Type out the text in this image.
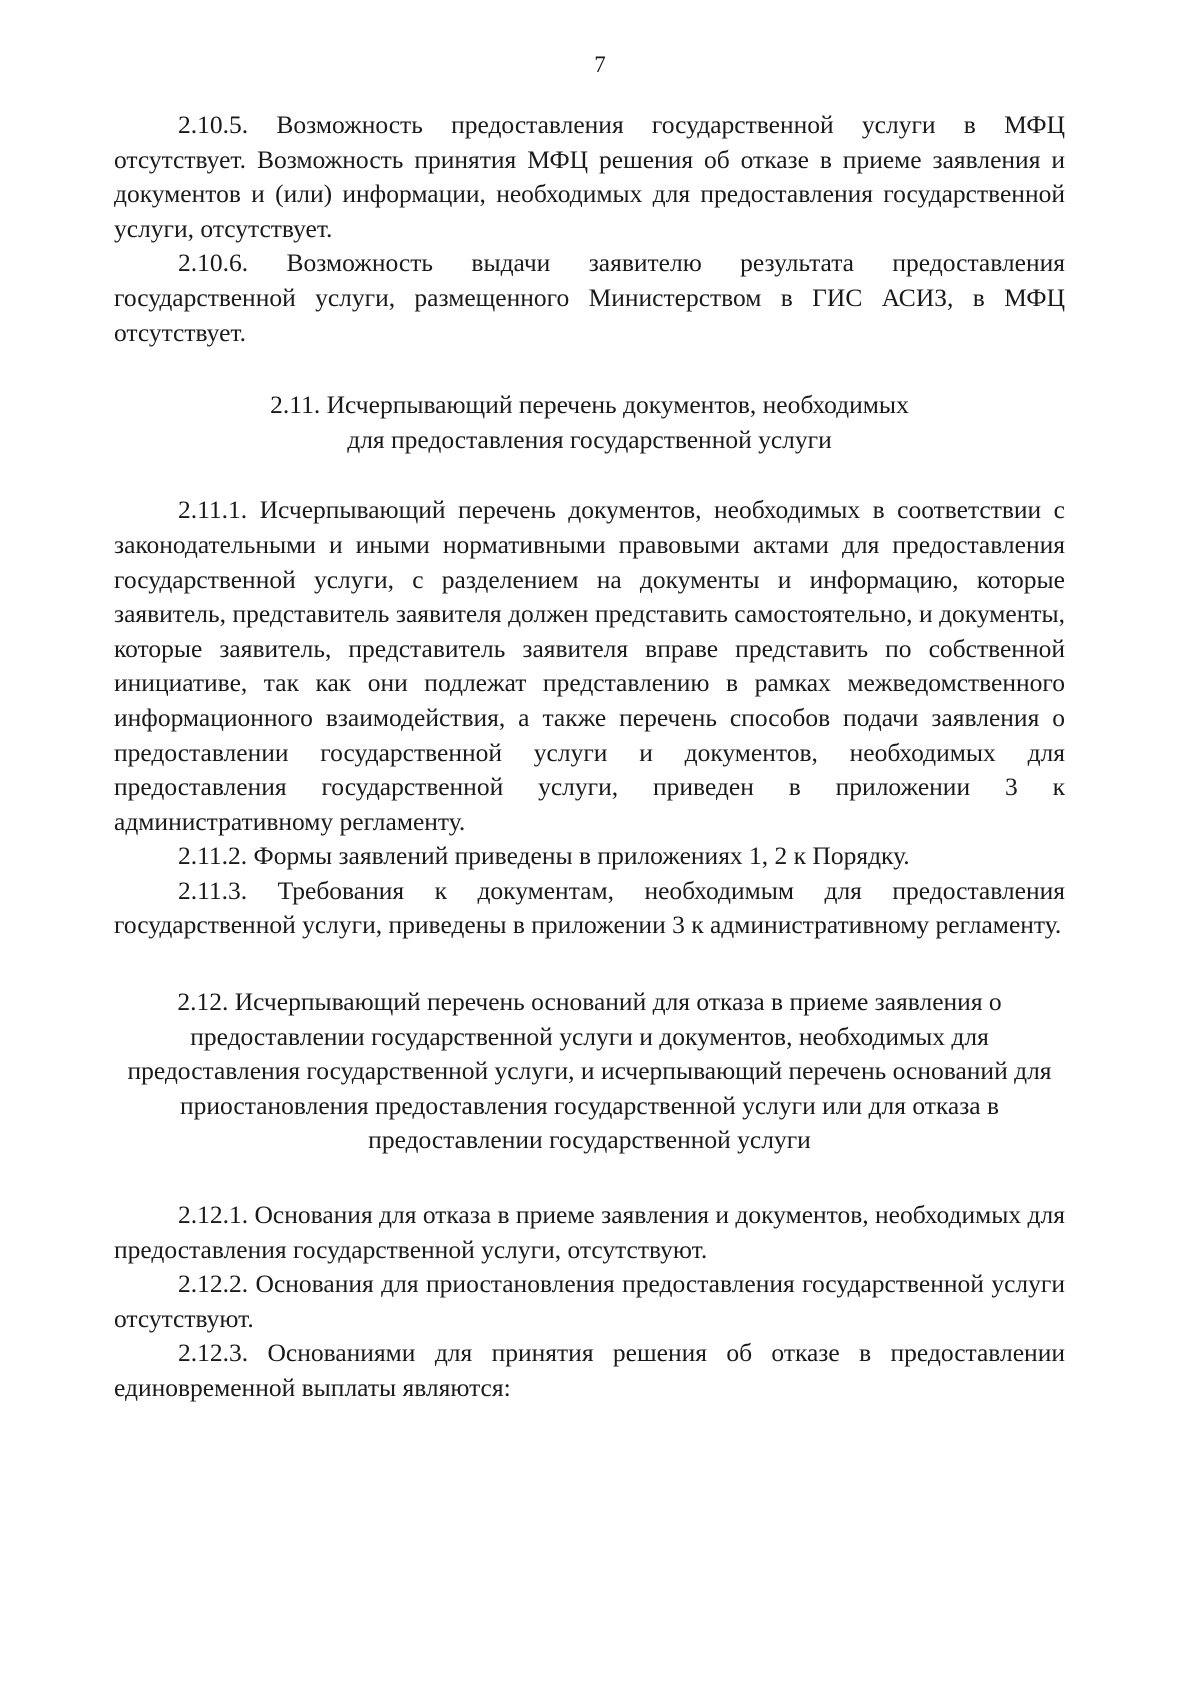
7

2.10.5. Возможность предоставления государственной услуги в МФЦ отсутствует. Возможность принятия МФЦ решения об отказе в приеме заявления и документов и (или) информации, необходимых для предоставления государственной услуги, отсутствует.

2.10.6. Возможность выдачи заявителю результата предоставления государственной услуги, размещенного Министерством в ГИС АСИЗ, в МФЦ отсутствует.

2.11. Исчерпывающий перечень документов, необходимых
для предоставления государственной услуги

2.11.1. Исчерпывающий перечень документов, необходимых в соответствии с законодательными и иными нормативными правовыми актами для предоставления государственной услуги, с разделением на документы и информацию, которые заявитель, представитель заявителя должен представить самостоятельно, и документы, которые заявитель, представитель заявителя вправе представить по собственной инициативе, так как они подлежат представлению в рамках межведомственного информационного взаимодействия, а также перечень способов подачи заявления о предоставлении государственной услуги и документов, необходимых для предоставления государственной услуги, приведен в приложении 3 к административному регламенту.

2.11.2. Формы заявлений приведены в приложениях 1, 2 к Порядку.

2.11.3. Требования к документам, необходимым для предоставления государственной услуги, приведены в приложении 3 к административному регламенту.

2.12. Исчерпывающий перечень оснований для отказа в приеме заявления о
предоставлении государственной услуги и документов, необходимых для
предоставления государственной услуги, и исчерпывающий перечень оснований для
приостановления предоставления государственной услуги или для отказа в
предоставлении государственной услуги

2.12.1. Основания для отказа в приеме заявления и документов, необходимых для предоставления государственной услуги, отсутствуют.

2.12.2. Основания для приостановления предоставления государственной услуги отсутствуют.

2.12.3. Основаниями для принятия решения об отказе в предоставлении единовременной выплаты являются:
